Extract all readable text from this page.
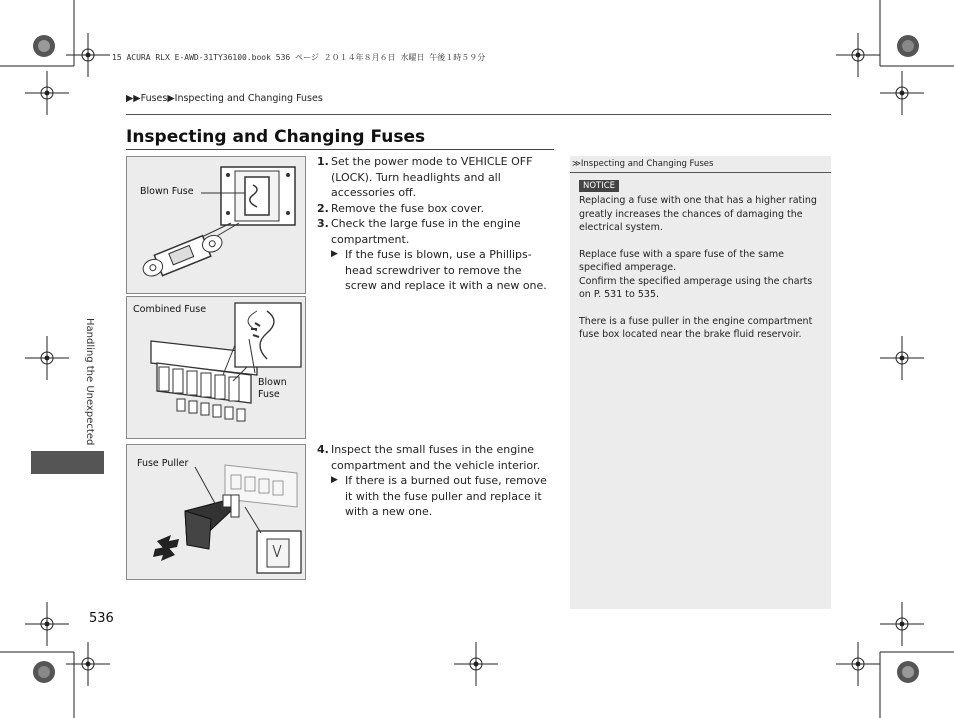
15 ACURA RLX E-AWD-31TY36100.book 536 ページ ２０１４年８月６日 水曜日 午後１時５９分
▶▶Fuses▶Inspecting and Changing Fuses
Inspecting and Changing Fuses
Blown Fuse
Combined Fuse
Blown
Fuse
Fuse Puller
1. Set the power mode to VEHICLE OFF (LOCK). Turn headlights and all accessories off.
2. Remove the fuse box cover.
3. Check the large fuse in the engine compartment.
▶ If the fuse is blown, use a Phillips-head screwdriver to remove the screw and replace it with a new one.
4. Inspect the small fuses in the engine compartment and the vehicle interior.
▶ If there is a burned out fuse, remove it with the fuse puller and replace it with a new one.
≫Inspecting and Changing Fuses
NOTICE

Replacing a fuse with one that has a higher rating greatly increases the chances of damaging the electrical system.

Replace fuse with a spare fuse of the same specified amperage.
Confirm the specified amperage using the charts on P. 531 to 535.

There is a fuse puller in the engine compartment fuse box located near the brake fluid reservoir.

Handling the Unexpected
536
